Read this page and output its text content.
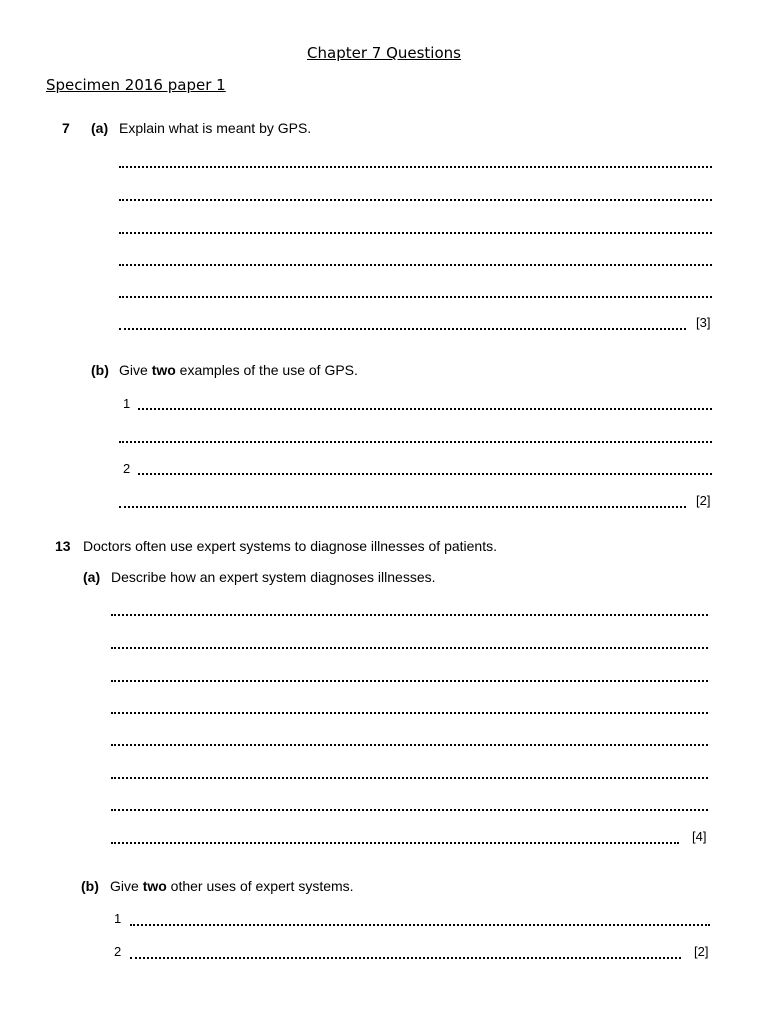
Chapter 7 Questions
Specimen 2016 paper 1
7 (a) Explain what is meant by GPS.
[3]
(b) Give two examples of the use of GPS.
1
2
[2]
13 Doctors often use expert systems to diagnose illnesses of patients.
(a) Describe how an expert system diagnoses illnesses.
[4]
(b) Give two other uses of expert systems.
1
2	[2]
